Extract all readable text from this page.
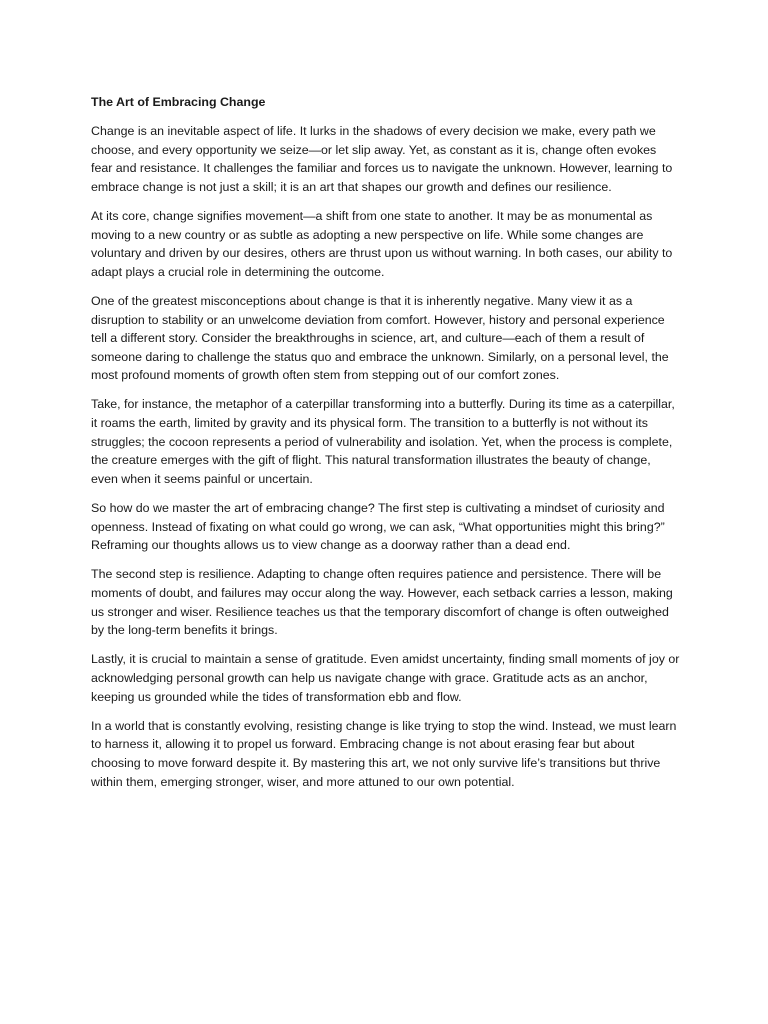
The Art of Embracing Change

Change is an inevitable aspect of life. It lurks in the shadows of every decision we make, every path we choose, and every opportunity we seize—or let slip away. Yet, as constant as it is, change often evokes fear and resistance. It challenges the familiar and forces us to navigate the unknown. However, learning to embrace change is not just a skill; it is an art that shapes our growth and defines our resilience.

At its core, change signifies movement—a shift from one state to another. It may be as monumental as moving to a new country or as subtle as adopting a new perspective on life. While some changes are voluntary and driven by our desires, others are thrust upon us without warning. In both cases, our ability to adapt plays a crucial role in determining the outcome.

One of the greatest misconceptions about change is that it is inherently negative. Many view it as a disruption to stability or an unwelcome deviation from comfort. However, history and personal experience tell a different story. Consider the breakthroughs in science, art, and culture—each of them a result of someone daring to challenge the status quo and embrace the unknown. Similarly, on a personal level, the most profound moments of growth often stem from stepping out of our comfort zones.

Take, for instance, the metaphor of a caterpillar transforming into a butterfly. During its time as a caterpillar, it roams the earth, limited by gravity and its physical form. The transition to a butterfly is not without its struggles; the cocoon represents a period of vulnerability and isolation. Yet, when the process is complete, the creature emerges with the gift of flight. This natural transformation illustrates the beauty of change, even when it seems painful or uncertain.

So how do we master the art of embracing change? The first step is cultivating a mindset of curiosity and openness. Instead of fixating on what could go wrong, we can ask, “What opportunities might this bring?” Reframing our thoughts allows us to view change as a doorway rather than a dead end.

The second step is resilience. Adapting to change often requires patience and persistence. There will be moments of doubt, and failures may occur along the way. However, each setback carries a lesson, making us stronger and wiser. Resilience teaches us that the temporary discomfort of change is often outweighed by the long-term benefits it brings.

Lastly, it is crucial to maintain a sense of gratitude. Even amidst uncertainty, finding small moments of joy or acknowledging personal growth can help us navigate change with grace. Gratitude acts as an anchor, keeping us grounded while the tides of transformation ebb and flow.

In a world that is constantly evolving, resisting change is like trying to stop the wind. Instead, we must learn to harness it, allowing it to propel us forward. Embracing change is not about erasing fear but about choosing to move forward despite it. By mastering this art, we not only survive life’s transitions but thrive within them, emerging stronger, wiser, and more attuned to our own potential.
